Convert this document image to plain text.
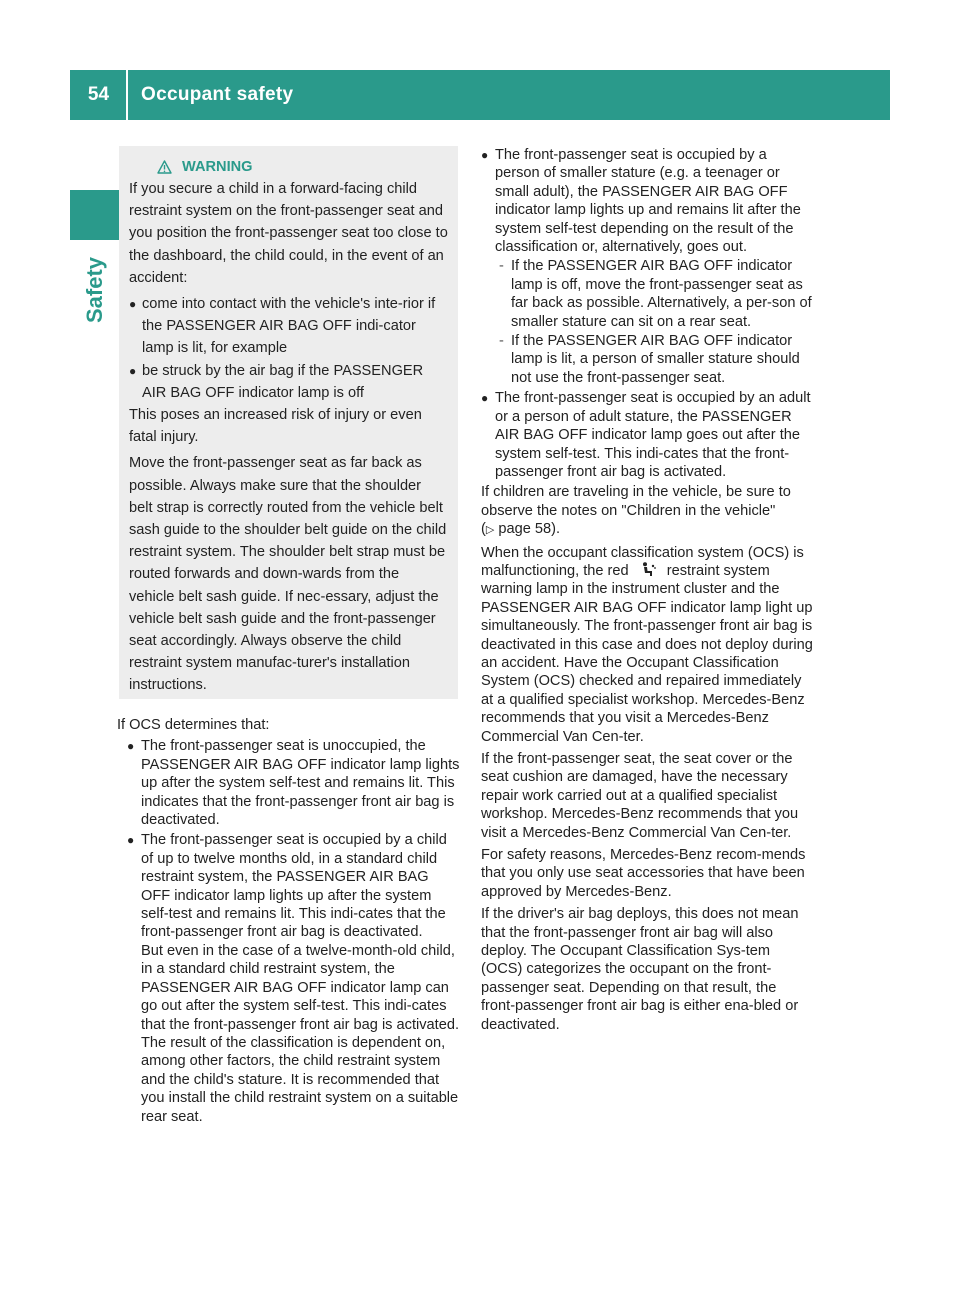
54	Occupant safety
Safety
WARNING

If you secure a child in a forward-facing child restraint system on the front-passenger seat and you position the front-passenger seat too close to the dashboard, the child could, in the event of an accident:

● come into contact with the vehicle's inte-rior if the PASSENGER AIR BAG OFF indi-cator lamp is lit, for example
● be struck by the air bag if the PASSENGER AIR BAG OFF indicator lamp is off

This poses an increased risk of injury or even fatal injury.

Move the front-passenger seat as far back as possible. Always make sure that the shoulder belt strap is correctly routed from the vehicle belt sash guide to the shoulder belt guide on the child restraint system. The shoulder belt strap must be routed forwards and down-wards from the vehicle belt sash guide. If nec-essary, adjust the vehicle belt sash guide and the front-passenger seat accordingly. Always observe the child restraint system manufac-turer's installation instructions.

If OCS determines that:

● The front-passenger seat is unoccupied, the PASSENGER AIR BAG OFF indicator lamp lights up after the system self-test and remains lit. This indicates that the front-passenger front air bag is deactivated.
● The front-passenger seat is occupied by a child of up to twelve months old, in a standard child restraint system, the PASSENGER AIR BAG OFF indicator lamp lights up after the system self-test and remains lit. This indi-cates that the front-passenger front air bag is deactivated.

But even in the case of a twelve-month-old child, in a standard child restraint system, the PASSENGER AIR BAG OFF indicator lamp can go out after the system self-test. This indi-cates that the front-passenger front air bag is activated. The result of the classification is dependent on, among other factors, the child restraint system and the child's stature. It is recommended that you install the child restraint system on a suitable rear seat.

● The front-passenger seat is occupied by a person of smaller stature (e.g. a teenager or small adult), the PASSENGER AIR BAG OFF indicator lamp lights up and remains lit after the system self-test depending on the result of the classification or, alternatively, goes out.
- If the PASSENGER AIR BAG OFF indicator lamp is off, move the front-passenger seat as far back as possible. Alternatively, a per-son of smaller stature can sit on a rear seat.
- If the PASSENGER AIR BAG OFF indicator lamp is lit, a person of smaller stature should not use the front-passenger seat.
● The front-passenger seat is occupied by an adult or a person of adult stature, the PASSENGER AIR BAG OFF indicator lamp goes out after the system self-test. This indi-cates that the front-passenger front air bag is activated.

If children are traveling in the vehicle, be sure to observe the notes on "Children in the vehicle" (▷ page 58).

When the occupant classification system (OCS) is malfunctioning, the red	restraint system warning lamp in the instrument cluster and the PASSENGER AIR BAG OFF indicator lamp light up simultaneously. The front-passenger front air bag is deactivated in this case and does not deploy during an accident. Have the Occupant Classification System (OCS) checked and repaired immediately at a qualified specialist workshop. Mercedes-Benz recommends that you visit a Mercedes-Benz Commercial Van Cen-ter.

If the front-passenger seat, the seat cover or the seat cushion are damaged, have the necessary repair work carried out at a qualified specialist workshop. Mercedes-Benz recommends that you visit a Mercedes-Benz Commercial Van Cen-ter.

For safety reasons, Mercedes-Benz recom-mends that you only use seat accessories that have been approved by Mercedes-Benz.

If the driver's air bag deploys, this does not mean that the front-passenger front air bag will also deploy. The Occupant Classification Sys-tem (OCS) categorizes the occupant on the front-passenger seat. Depending on that result, the front-passenger front air bag is either ena-bled or deactivated.
